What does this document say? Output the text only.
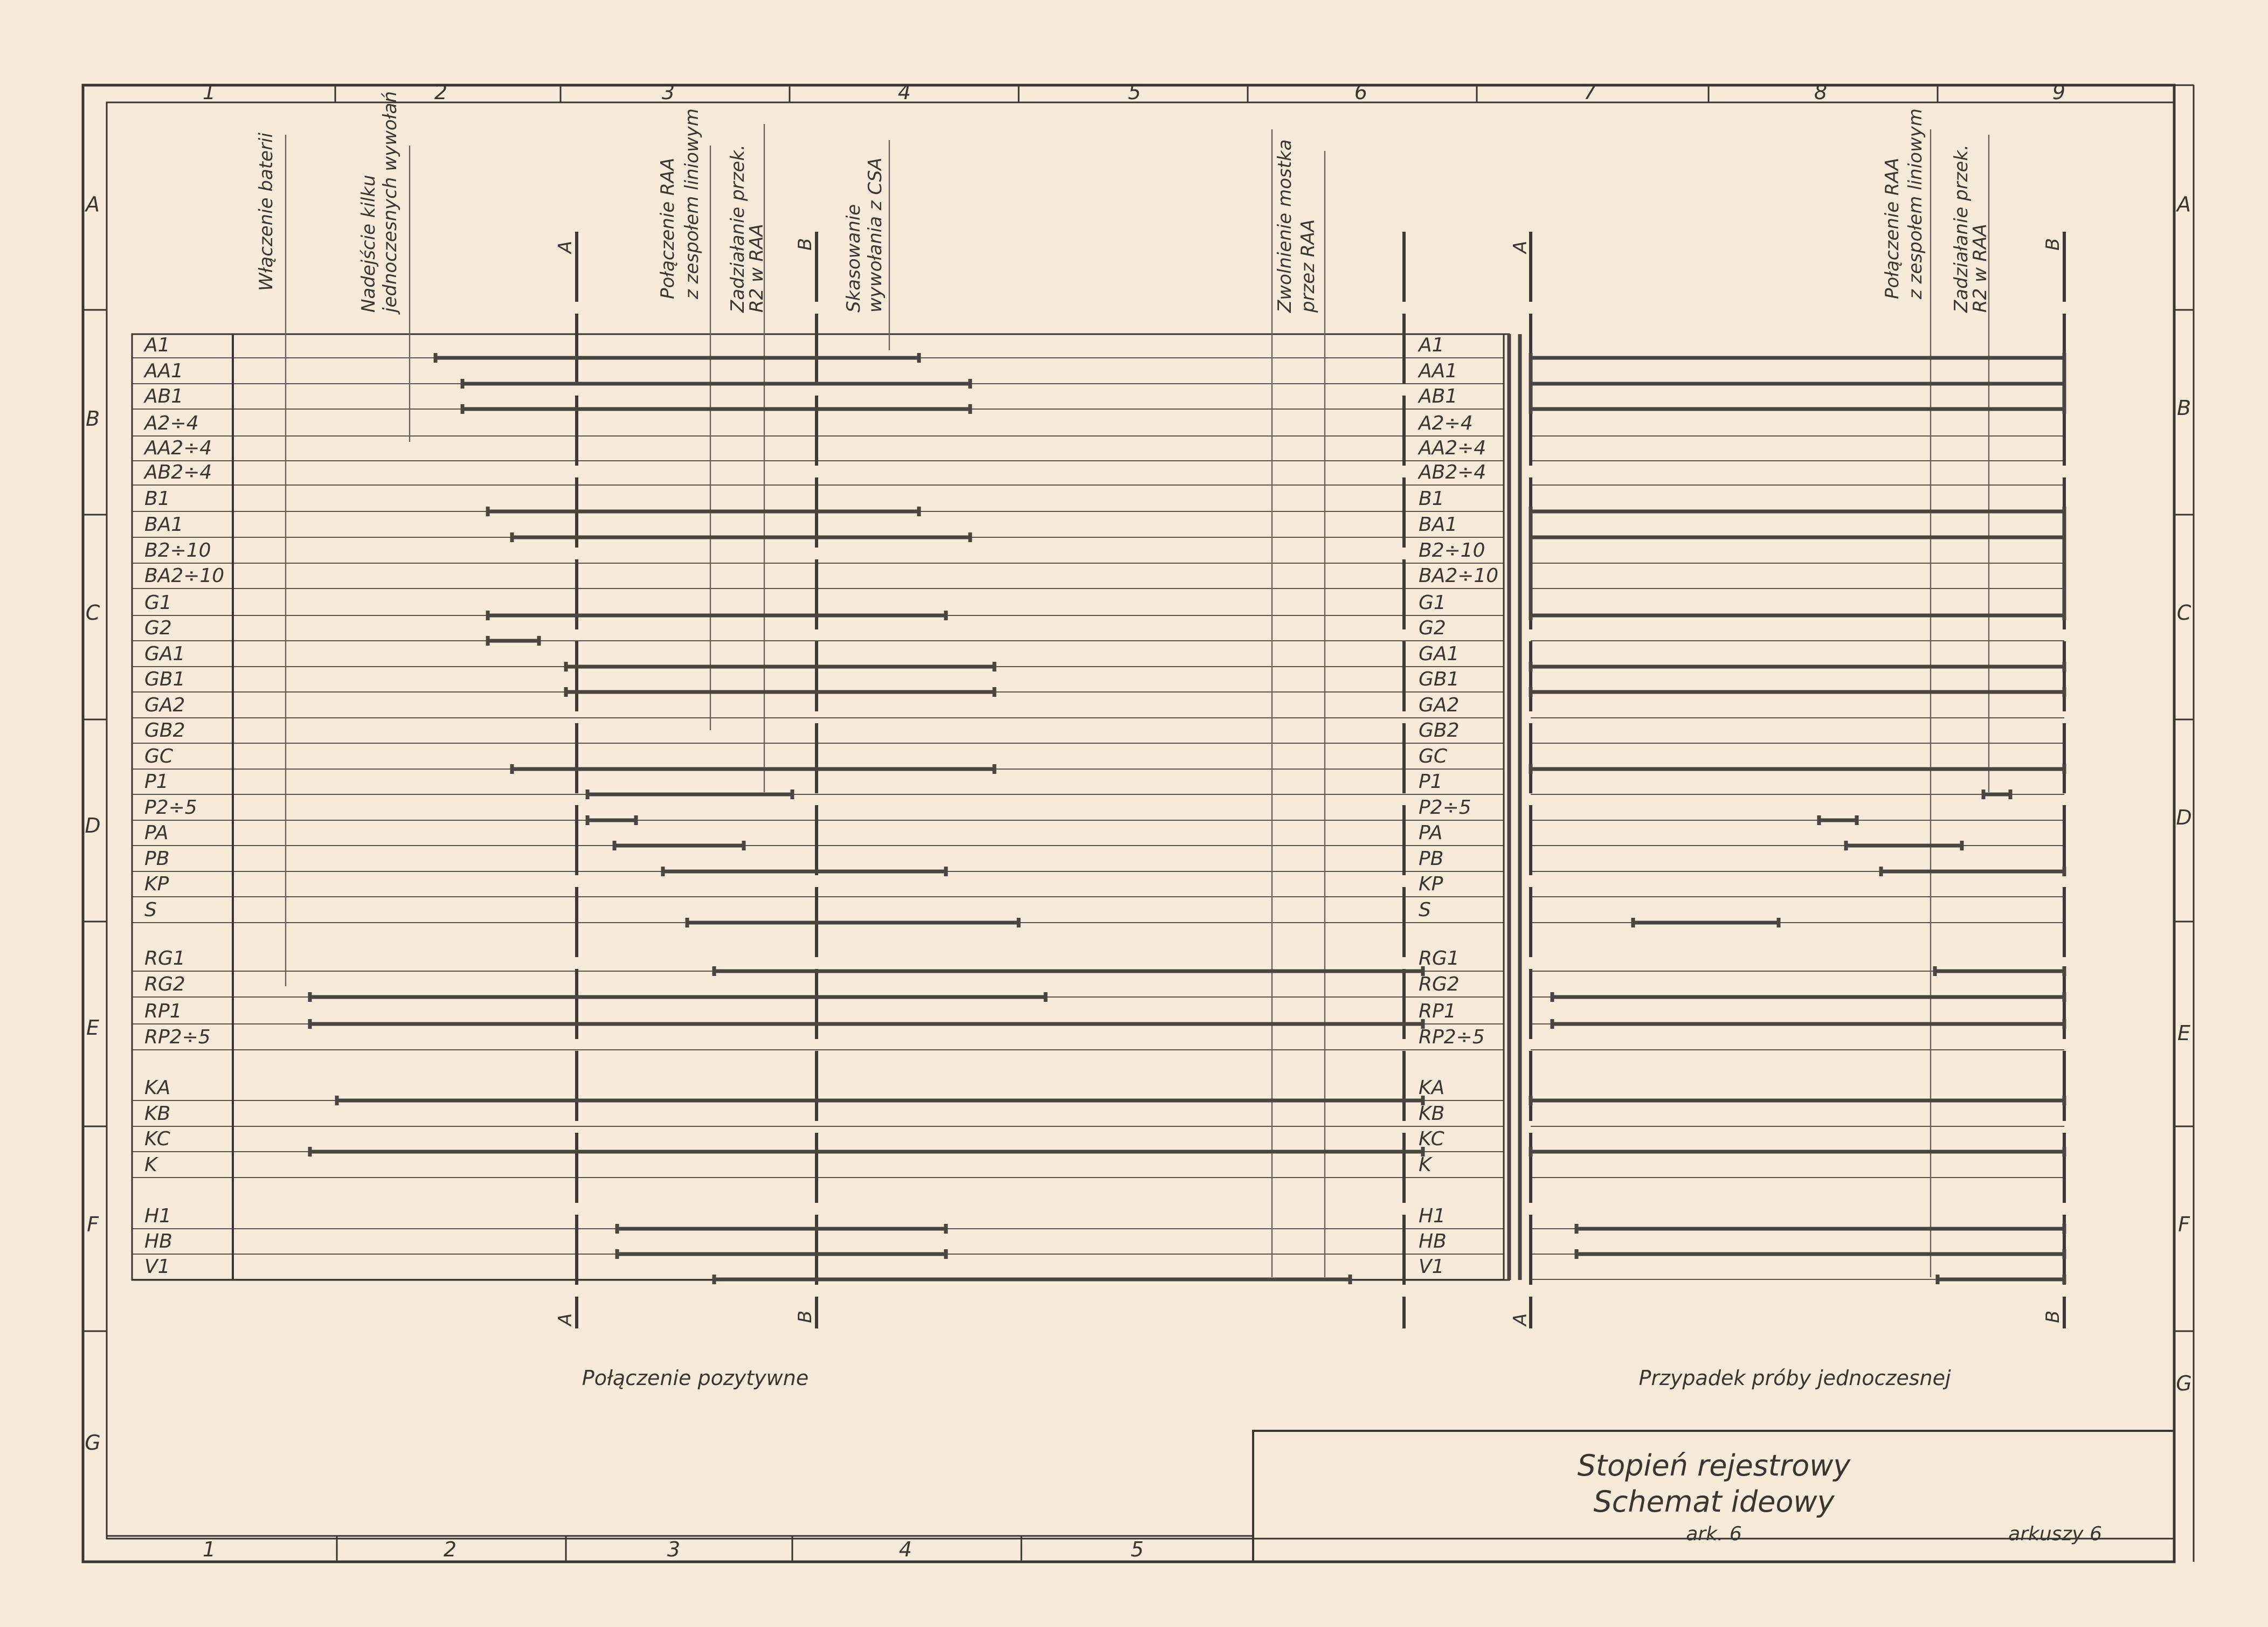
1	2	3	4	5	6	7	8	9
A
B
C
D
E
F
G
A
B
C
D
E
F
G
1	2	3	4	5
Stopień rejestrowy
Schemat ideowy
ark. 6	arkuszy 6
A1
AA1
AB1
A2÷4
AA2÷4
AB2÷4
B1
BA1
B2÷10
BA2÷10
G1
G2
GA1
GB1
GA2
GB2
GC
P1
P2÷5
PA
PB
KP
S
RG1
RG2
RP1
RP2÷5
KA
KB
KC
K
H1
HB
V1
A1
AA1
AB1
A2÷4
AA2÷4
AB2÷4
B1
BA1
B2÷10
BA2÷10
G1
G2
GA1
GB1
GA2
GB2
GC
P1
P2÷5
PA
PB
KP
S
RG1
RG2
RP1
RP2÷5
KA
KB
KC
K
H1
HB
V1
A	B	A	B
A	B	A	B
Włączenie baterii	Nadejście kilku jednoczesnych wywołań	Połączenie RAA z zespołem liniowym Zadziałanie przek.
R2 w RAA	Skasowanie wywołania z CSA	Zwolnienie mostka przez RAA	Połączenie RAA z zespołem liniowym Zadziałanie przek.
R2 w RAA
Połączenie pozytywne	Przypadek próby jednoczesnej
